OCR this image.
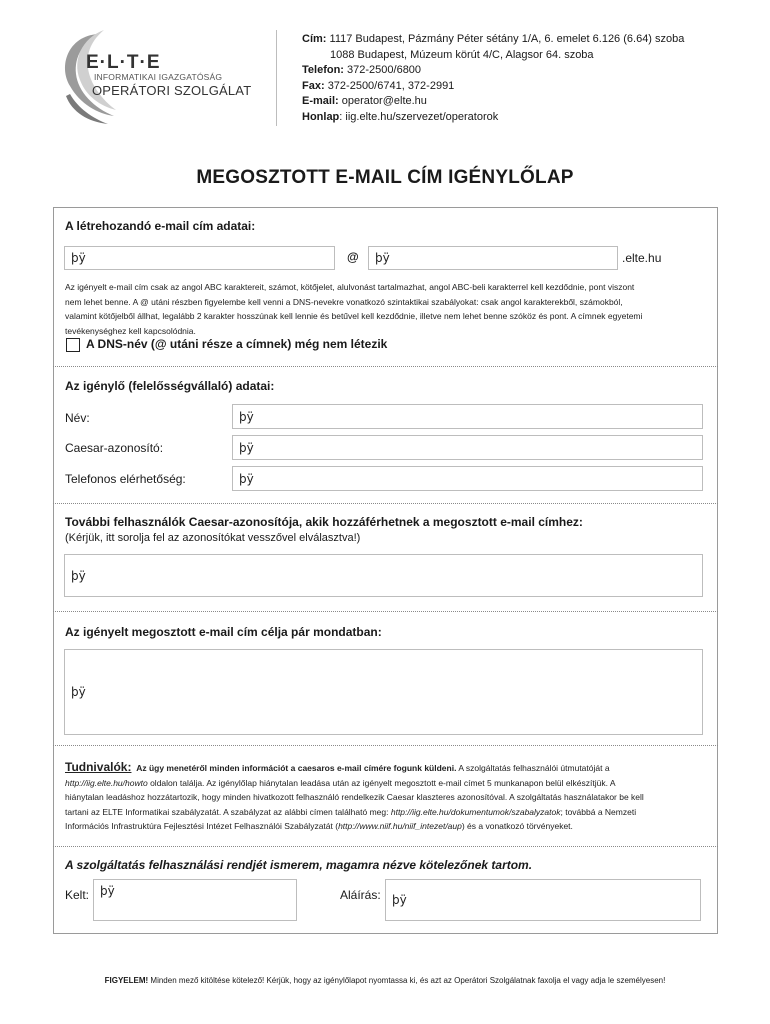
E·L·T·E
INFORMATIKAI IGAZGATÓSÁG
OPERÁTORI SZOLGÁLAT
Cím: 1117 Budapest, Pázmány Péter sétány 1/A, 6. emelet 6.126 (6.64) szoba
1088 Budapest, Múzeum körút 4/C, Alagsor 64. szoba
Telefon: 372-2500/6800
Fax: 372-2500/6741, 372-2991
E-mail: operator@elte.hu
Honlap: iig.elte.hu/szervezet/operatorok
MEGOSZTOTT E-MAIL CÍM IGÉNYLŐLAP
A létrehozandó e-mail cím adatai:
þÿ	@	þÿ	.elte.hu
Az igényelt e-mail cím csak az angol ABC karaktereit, számot, kötőjelet, alulvonást tartalmazhat, angol ABC-beli karakterrel kell kezdődnie, pont viszont
nem lehet benne. A @ utáni részben figyelembe kell venni a DNS-nevekre vonatkozó szintaktikai szabályokat: csak angol karakterekből, számokból,
valamint kötőjelből állhat, legalább 2 karakter hosszúnak kell lennie és betűvel kell kezdődnie, illetve nem lehet benne szóköz és pont. A címnek egyetemi
tevékenységhez kell kapcsolódnia.
A DNS-név (@ utáni része a címnek) még nem létezik
Az igénylő (felelősségvállaló) adatai:
Név:	þÿ
Caesar-azonosító:	þÿ
Telefonos elérhetőség:	þÿ
További felhasználók Caesar-azonosítója, akik hozzáférhetnek a megosztott e-mail címhez:
(Kérjük, itt sorolja fel az azonosítókat vesszővel elválasztva!)
þÿ
Az igényelt megosztott e-mail cím célja pár mondatban:
þÿ
Tudnivalók: Az ügy menetéről minden információt a caesaros e-mail címére fogunk küldeni. A szolgáltatás felhasználói útmutatóját a
http://iig.elte.hu/howto oldalon találja. Az igénylőlap hiánytalan leadása után az igényelt megosztott e-mail címet 5 munkanapon belül elkészítjük. A
hiánytalan leadáshoz hozzátartozik, hogy minden hivatkozott felhasználó rendelkezik Caesar klaszteres azonosítóval. A szolgáltatás használatakor be kell
tartani az ELTE Informatikai szabályzatát. A szabályzat az alábbi címen található meg: http://iig.elte.hu/dokumentumok/szabalyzatok; továbbá a Nemzeti
Információs Infrastruktúra Fejlesztési Intézet Felhasználói Szabályzatát (http://www.niif.hu/niif_intezet/aup) és a vonatkozó törvényeket.
A szolgáltatás felhasználási rendjét ismerem, magamra nézve kötelezőnek tartom.
Kelt: þÿ	Aláírás: þÿ
FIGYELEM! Minden mező kitöltése kötelező! Kérjük, hogy az igénylőlapot nyomtassa ki, és azt az Operátori Szolgálatnak faxolja el vagy adja le személyesen!
